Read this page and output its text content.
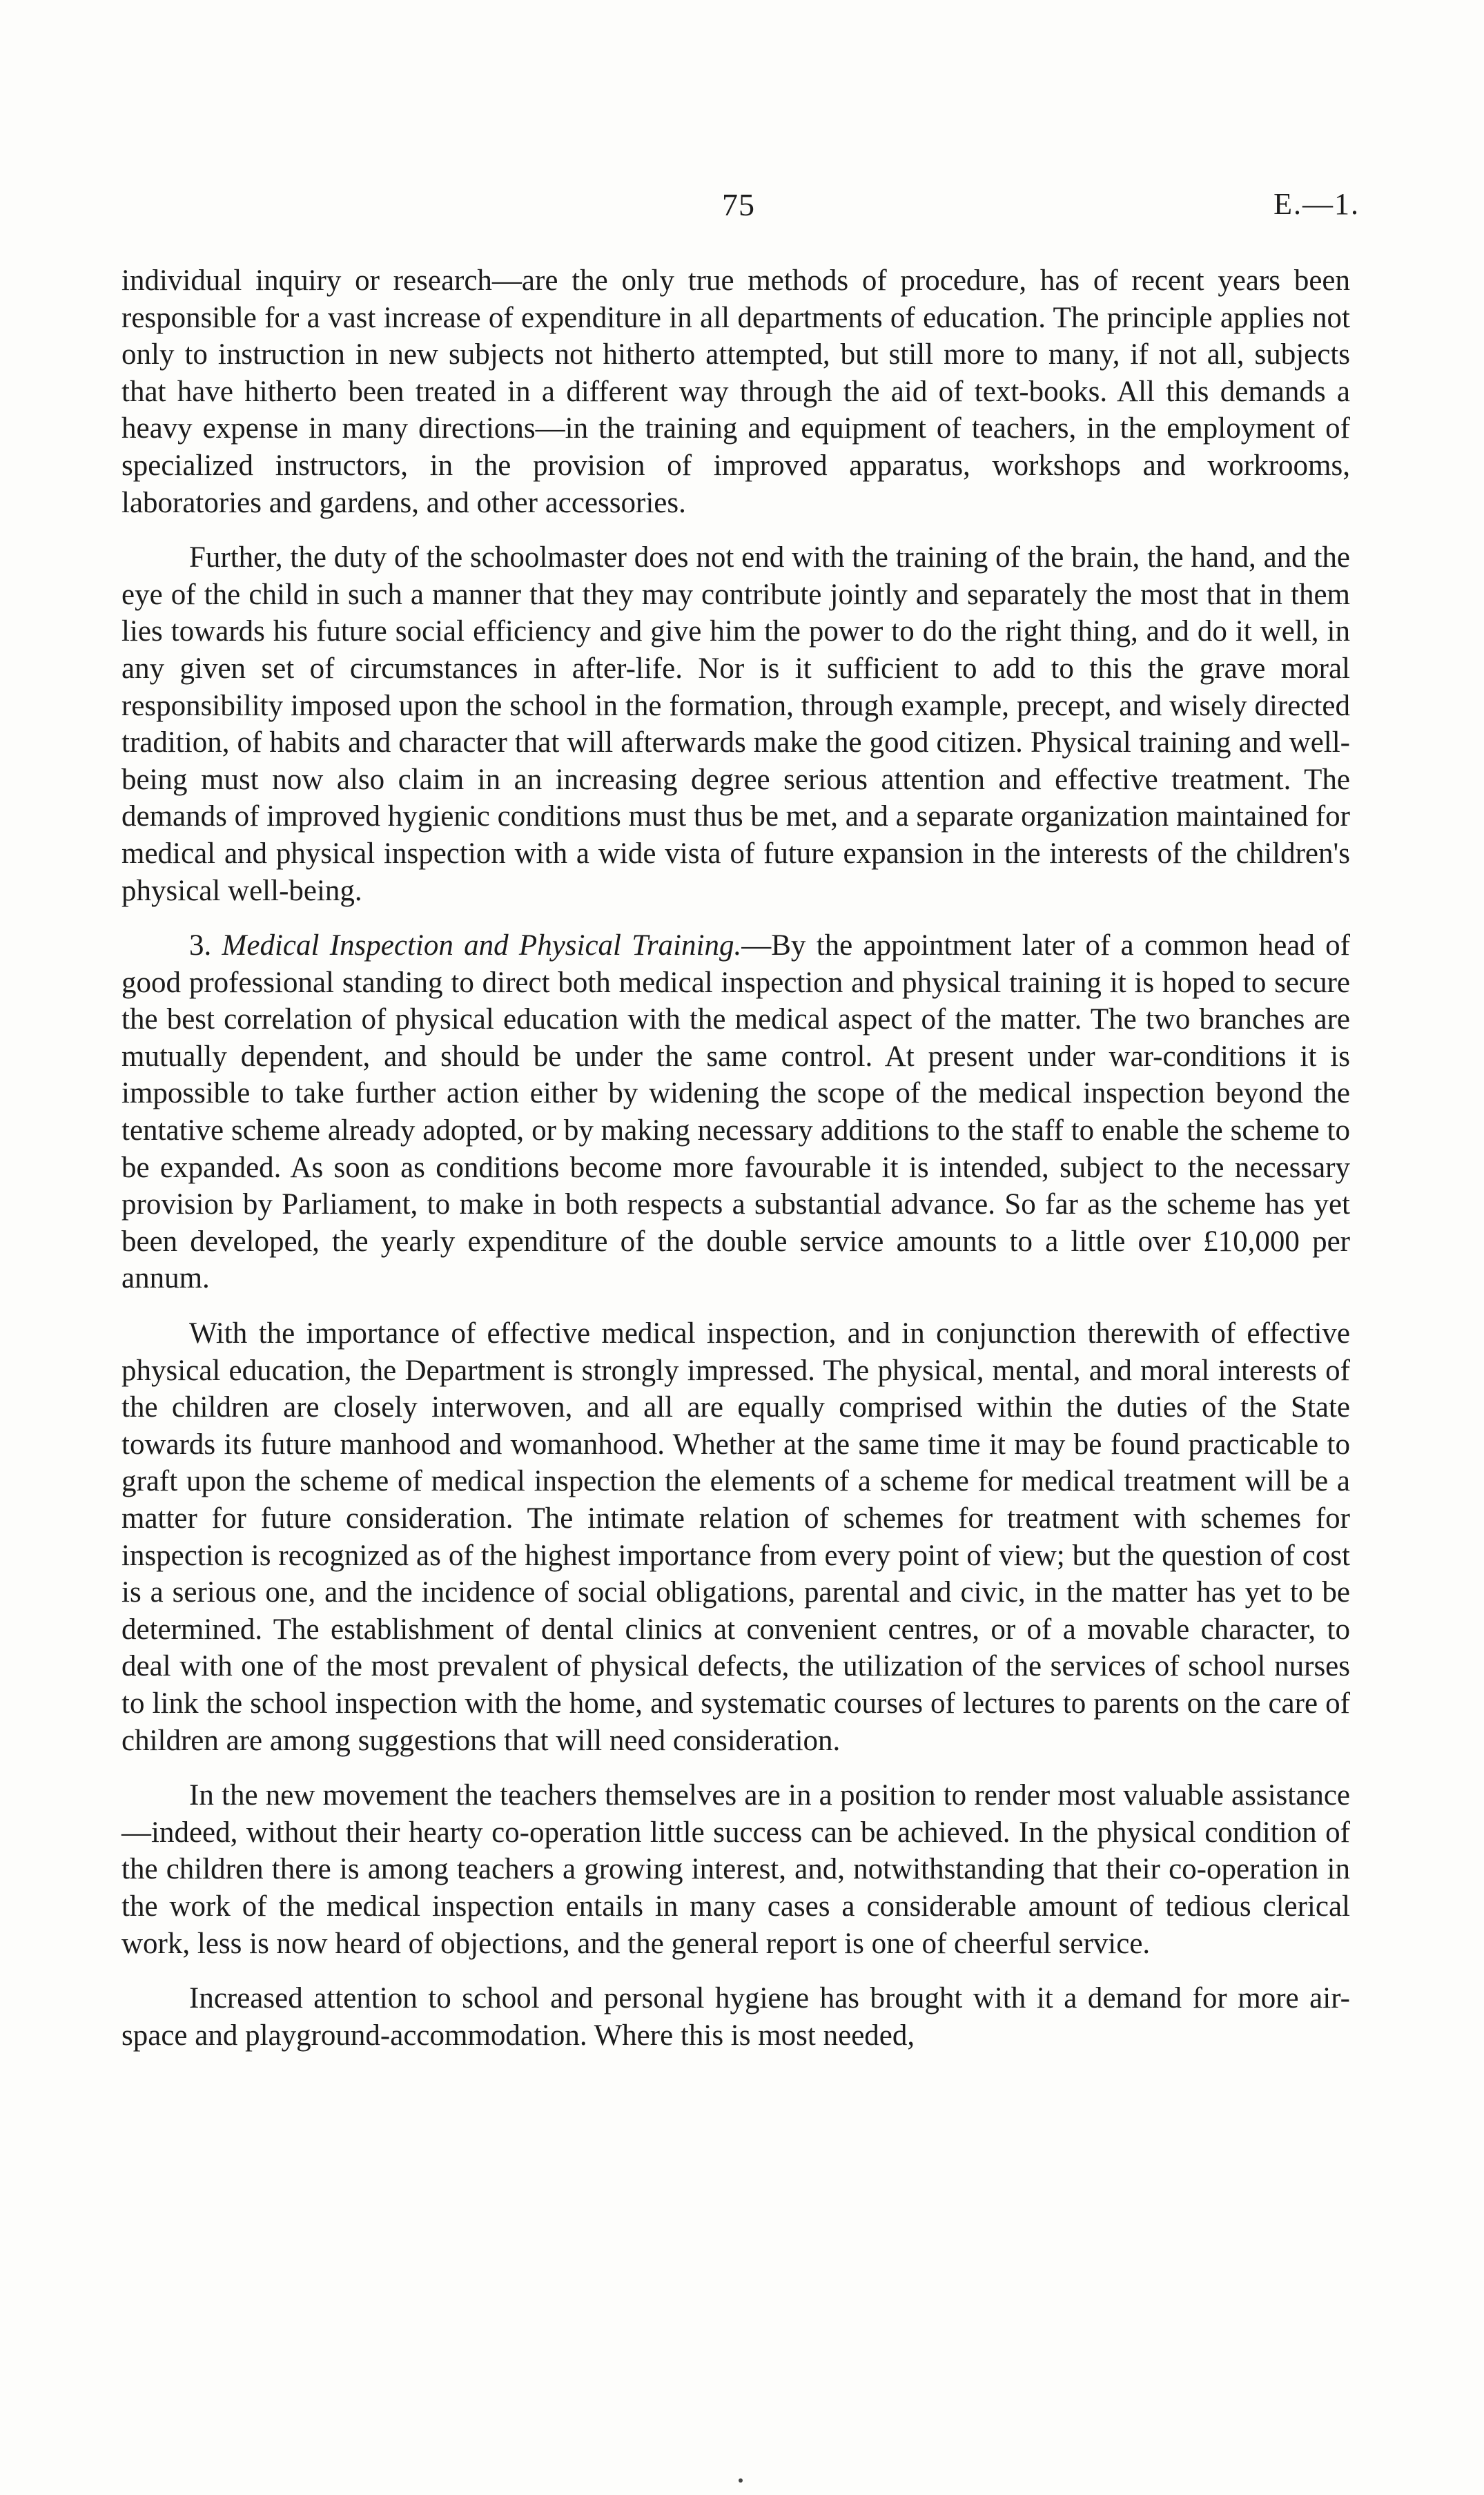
75	E.—1.

individual inquiry or research—are the only true methods of procedure, has of recent years been responsible for a vast increase of expenditure in all departments of education. The principle applies not only to instruction in new subjects not hitherto attempted, but still more to many, if not all, subjects that have hitherto been treated in a different way through the aid of text-books. All this demands a heavy expense in many directions—in the training and equipment of teachers, in the employment of specialized instructors, in the provision of improved apparatus, workshops and workrooms, laboratories and gardens, and other accessories.

Further, the duty of the schoolmaster does not end with the training of the brain, the hand, and the eye of the child in such a manner that they may contribute jointly and separately the most that in them lies towards his future social efficiency and give him the power to do the right thing, and do it well, in any given set of circumstances in after-life. Nor is it sufficient to add to this the grave moral responsibility imposed upon the school in the formation, through example, precept, and wisely directed tradition, of habits and character that will afterwards make the good citizen. Physical training and well-being must now also claim in an increasing degree serious attention and effective treatment. The demands of improved hygienic conditions must thus be met, and a separate organization maintained for medical and physical inspection with a wide vista of future expansion in the interests of the children's physical well-being.

3. Medical Inspection and Physical Training.—By the appointment later of a common head of good professional standing to direct both medical inspection and physical training it is hoped to secure the best correlation of physical education with the medical aspect of the matter. The two branches are mutually dependent, and should be under the same control. At present under war-conditions it is impossible to take further action either by widening the scope of the medical inspection beyond the tentative scheme already adopted, or by making necessary additions to the staff to enable the scheme to be expanded. As soon as conditions become more favourable it is intended, subject to the necessary provision by Parliament, to make in both respects a substantial advance. So far as the scheme has yet been developed, the yearly expenditure of the double service amounts to a little over £10,000 per annum.

With the importance of effective medical inspection, and in conjunction therewith of effective physical education, the Department is strongly impressed. The physical, mental, and moral interests of the children are closely interwoven, and all are equally comprised within the duties of the State towards its future manhood and womanhood. Whether at the same time it may be found practicable to graft upon the scheme of medical inspection the elements of a scheme for medical treatment will be a matter for future consideration. The intimate relation of schemes for treatment with schemes for inspection is recognized as of the highest importance from every point of view; but the question of cost is a serious one, and the incidence of social obligations, parental and civic, in the matter has yet to be determined. The establishment of dental clinics at convenient centres, or of a movable character, to deal with one of the most prevalent of physical defects, the utilization of the services of school nurses to link the school inspection with the home, and systematic courses of lectures to parents on the care of children are among suggestions that will need consideration.

In the new movement the teachers themselves are in a position to render most valuable assistance—indeed, without their hearty co-operation little success can be achieved. In the physical condition of the children there is among teachers a growing interest, and, notwithstanding that their co-operation in the work of the medical inspection entails in many cases a considerable amount of tedious clerical work, less is now heard of objections, and the general report is one of cheerful service.

Increased attention to school and personal hygiene has brought with it a demand for more air-space and playground-accommodation. Where this is most needed,
